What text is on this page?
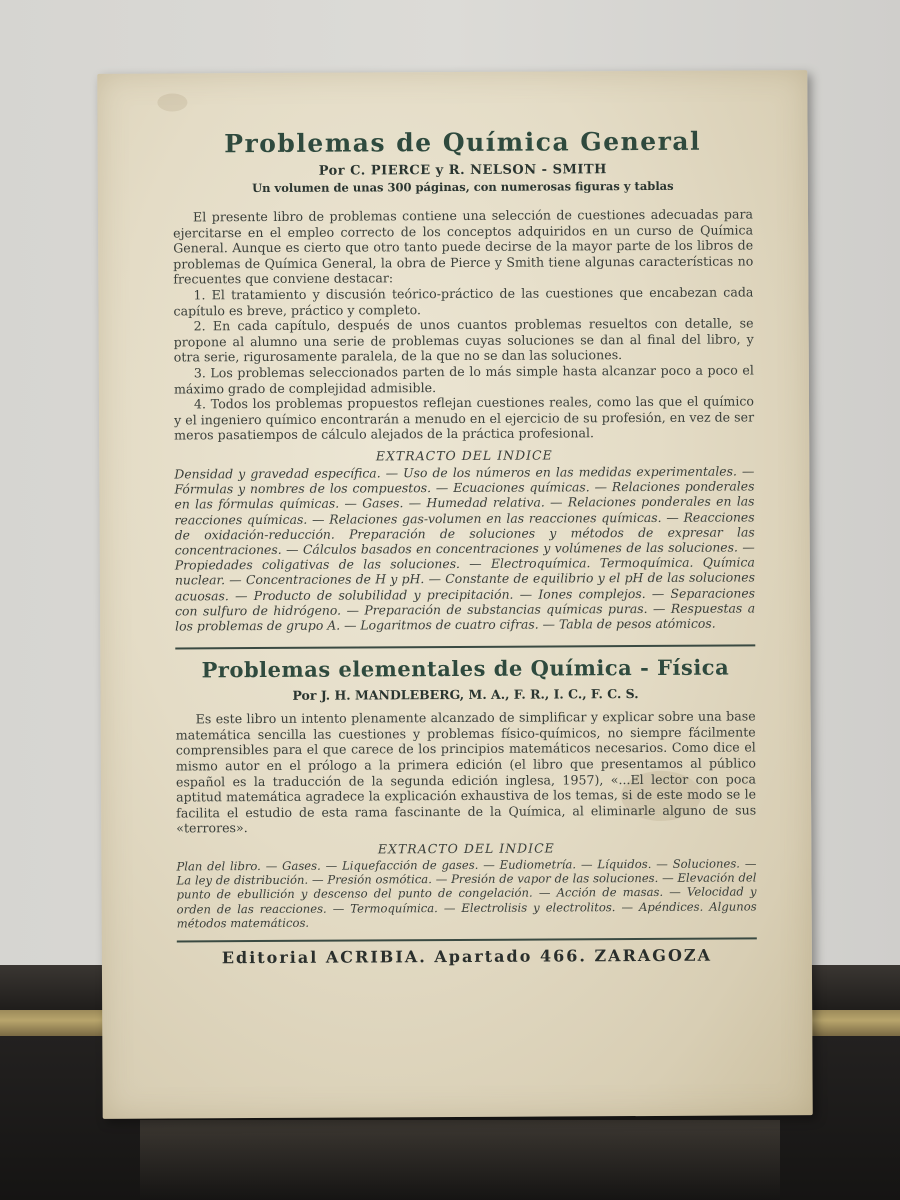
Problemas de Química General
Por C. PIERCE y R. NELSON - SMITH
Un volumen de unas 300 páginas, con numerosas figuras y tablas

El presente libro de problemas contiene una selección de cuestiones adecuadas para ejercitarse en el empleo correcto de los conceptos adquiridos en un curso de Química General. Aunque es cierto que otro tanto puede decirse de la mayor parte de los libros de problemas de Química General, la obra de Pierce y Smith tiene algunas características no frecuentes que conviene destacar:

1. El tratamiento y discusión teórico-práctico de las cuestiones que encabezan cada capítulo es breve, práctico y completo.

2. En cada capítulo, después de unos cuantos problemas resueltos con detalle, se propone al alumno una serie de problemas cuyas soluciones se dan al final del libro, y otra serie, rigurosamente paralela, de la que no se dan las soluciones.

3. Los problemas seleccionados parten de lo más simple hasta alcanzar poco a poco el máximo grado de complejidad admisible.

4. Todos los problemas propuestos reflejan cuestiones reales, como las que el químico y el ingeniero químico encontrarán a menudo en el ejercicio de su profesión, en vez de ser meros pasatiempos de cálculo alejados de la práctica profesional.

EXTRACTO DEL INDICE

Densidad y gravedad específica. — Uso de los números en las medidas experimentales. — Fórmulas y nombres de los compuestos. — Ecuaciones químicas. — Relaciones ponderales en las fórmulas químicas. — Gases. — Humedad relativa. — Relaciones ponderales en las reacciones químicas. — Relaciones gas-volumen en las reacciones químicas. — Reacciones de oxidación-reducción. Preparación de soluciones y métodos de expresar las concentraciones. — Cálculos basados en concentraciones y volúmenes de las soluciones. — Propiedades coligativas de las soluciones. — Electroquímica. Termoquímica. Química nuclear. — Concentraciones de H y pH. — Constante de equilibrio y el pH de las soluciones acuosas. — Producto de solubilidad y precipitación. — Iones complejos. — Separaciones con sulfuro de hidrógeno. — Preparación de substancias químicas puras. — Respuestas a los problemas de grupo A. — Logaritmos de cuatro cifras. — Tabla de pesos atómicos.

Problemas elementales de Química - Física
Por J. H. MANDLEBERG, M. A., F. R., I. C., F. C. S.

Es este libro un intento plenamente alcanzado de simplificar y explicar sobre una base matemática sencilla las cuestiones y problemas físico-químicos, no siempre fácilmente comprensibles para el que carece de los principios matemáticos necesarios. Como dice el mismo autor en el prólogo a la primera edición (el libro que presentamos al público español es la traducción de la segunda edición inglesa, 1957), «...El lector con poca aptitud matemática agradece la explicación exhaustiva de los temas, si de este modo se le facilita el estudio de esta rama fascinante de la Química, al eliminarle alguno de sus «terrores».

EXTRACTO DEL INDICE

Plan del libro. — Gases. — Liquefacción de gases. — Eudiometría. — Líquidos. — Soluciones. — La ley de distribución. — Presión osmótica. — Presión de vapor de las soluciones. — Elevación del punto de ebullición y descenso del punto de congelación. — Acción de masas. — Velocidad y orden de las reacciones. — Termoquímica. — Electrolisis y electrolitos. — Apéndices. Algunos métodos matemáticos.

Editorial ACRIBIA. Apartado 466. ZARAGOZA
